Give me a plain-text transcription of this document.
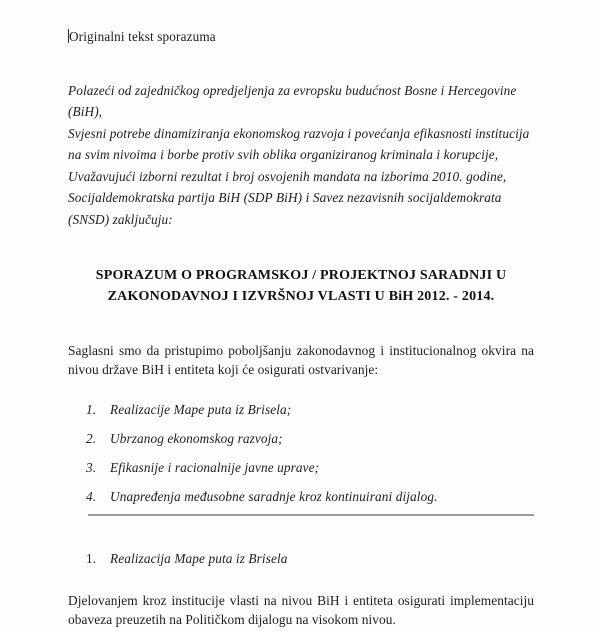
Originalni tekst sporazuma

Polazeći od zajedničkog opredjeljenja za evropsku budućnost Bosne i Hercegovine

(BiH),

Svjesni potrebe dinamiziranja ekonomskog razvoja i povećanja efikasnosti institucija

na svim nivoima i borbe protiv svih oblika organiziranog kriminala i korupcije,

Uvažavujući izborni rezultat i broj osvojenih mandata na izborima 2010. godine,

Socijaldemokratska partija BiH (SDP BiH) i Savez nezavisnih socijaldemokrata

(SNSD) zaključuju:

SPORAZUM O PROGRAMSKOJ / PROJEKTNOJ SARADNJI U
ZAKONODAVNOJ I IZVRŠNOJ VLASTI U BiH 2012. - 2014.

Saglasni smo da pristupimo poboljšanju zakonodavnog i institucionalnog okvira na nivou države BiH i entiteta koji će osigurati ostvarivanje:

1. Realizacije Mape puta iz Brisela;
2. Ubrzanog ekonomskog razvoja;
3. Efikasnije i racionalnije javne uprave;
4. Unapređenja međusobne saradnje kroz kontinuirani dijalog.
1. Realizacija Mape puta iz Brisela

Djelovanjem kroz institucije vlasti na nivou BiH i entiteta osigurati implementaciju obaveza preuzetih na Političkom dijalogu na visokom nivou.
